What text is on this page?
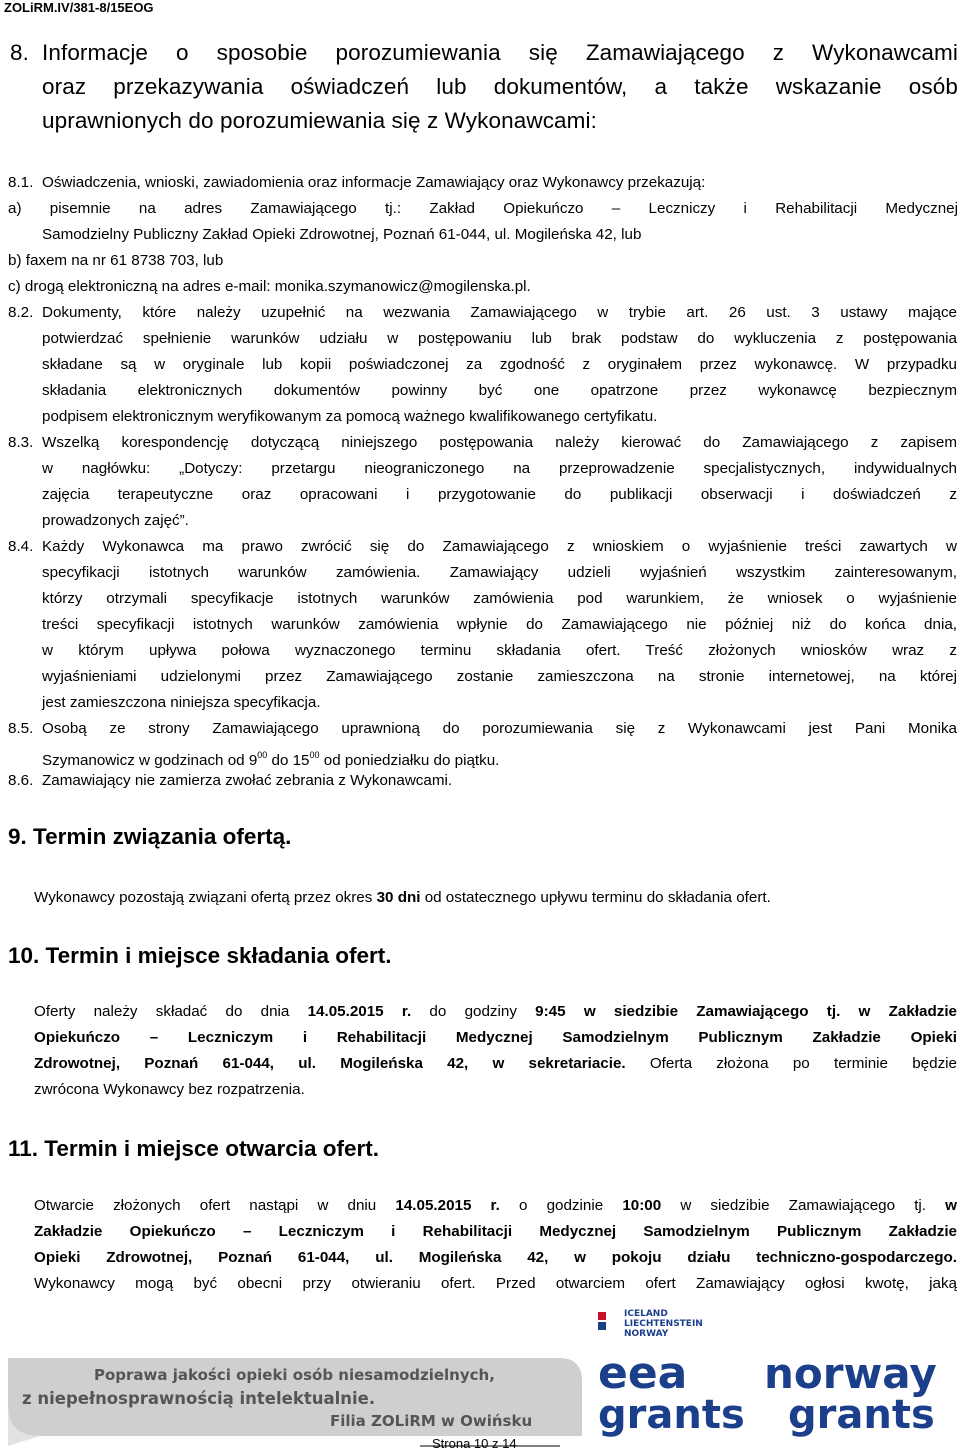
ZOLiRM.IV/381-8/15EOG
8. Informacje o sposobie porozumiewania się Zamawiającego z Wykonawcami
oraz przekazywania oświadczeń lub dokumentów, a także wskazanie osób
uprawnionych do porozumiewania się z Wykonawcami:
8.1. Oświadczenia, wnioski, zawiadomienia oraz informacje Zamawiający oraz Wykonawcy przekazują:
a) pisemnie na adres Zamawiającego tj.: Zakład Opiekuńczo – Leczniczy i Rehabilitacji Medycznej
Samodzielny Publiczny Zakład Opieki Zdrowotnej, Poznań 61-044, ul. Mogileńska 42, lub
b) faxem na nr 61 8738 703, lub
c) drogą elektroniczną na adres e-mail: monika.szymanowicz@mogilenska.pl.
8.2. Dokumenty, które należy uzupełnić na wezwania Zamawiającego w trybie art. 26 ust. 3 ustawy mające
potwierdzać spełnienie warunków udziału w postępowaniu lub brak podstaw do wykluczenia z postępowania
składane są w oryginale lub kopii poświadczonej za zgodność z oryginałem przez wykonawcę. W przypadku
składania elektronicznych dokumentów powinny być one opatrzone przez wykonawcę bezpiecznym
podpisem elektronicznym weryfikowanym za pomocą ważnego kwalifikowanego certyfikatu.
8.3. Wszelką korespondencję dotyczącą niniejszego postępowania należy kierować do Zamawiającego z zapisem
w nagłówku: „Dotyczy: przetargu nieograniczonego na przeprowadzenie specjalistycznych, indywidualnych
zajęcia terapeutyczne oraz opracowani i przygotowanie do publikacji obserwacji i doświadczeń z
prowadzonych zajęć”.
8.4. Każdy Wykonawca ma prawo zwrócić się do Zamawiającego z wnioskiem o wyjaśnienie treści zawartych w
specyfikacji istotnych warunków zamówienia. Zamawiający udzieli wyjaśnień wszystkim zainteresowanym,
którzy otrzymali specyfikacje istotnych warunków zamówienia pod warunkiem, że wniosek o wyjaśnienie
treści specyfikacji istotnych warunków zamówienia wpłynie do Zamawiającego nie później niż do końca dnia,
w którym upływa połowa wyznaczonego terminu składania ofert. Treść złożonych wniosków wraz z
wyjaśnieniami udzielonymi przez Zamawiającego zostanie zamieszczona na stronie internetowej, na której
jest zamieszczona niniejsza specyfikacja.
8.5. Osobą ze strony Zamawiającego uprawnioną do porozumiewania się z Wykonawcami jest Pani Monika
Szymanowicz w godzinach od $9^{00}$ do $15^{00}$ od poniedziałku do piątku.
8.6. Zamawiający nie zamierza zwołać zebrania z Wykonawcami.
9. Termin związania ofertą.
Wykonawcy pozostają związani ofertą przez okres 30 dni od ostatecznego upływu terminu do składania ofert.
10. Termin i miejsce składania ofert.
Oferty należy składać do dnia 14.05.2015 r. do godziny 9:45 w siedzibie Zamawiającego tj. w Zakładzie
Opiekuńczo – Leczniczym i Rehabilitacji Medycznej Samodzielnym Publicznym Zakładzie Opieki
Zdrowotnej, Poznań 61-044, ul. Mogileńska 42, w sekretariacie. Oferta złożona po terminie będzie
zwrócona Wykonawcy bez rozpatrzenia.
11. Termin i miejsce otwarcia ofert.
Otwarcie złożonych ofert nastąpi w dniu 14.05.2015 r. o godzinie 10:00 w siedzibie Zamawiającego tj. w
Zakładzie Opiekuńczo – Leczniczym i Rehabilitacji Medycznej Samodzielnym Publicznym Zakładzie
Opieki Zdrowotnej, Poznań 61-044, ul. Mogileńska 42, w pokoju działu techniczno-gospodarczego.
Wykonawcy mogą być obecni przy otwieraniu ofert. Przed otwarciem ofert Zamawiający ogłosi kwotę, jaką
Poprawa jakości opieki osób niesamodzielnych,
z niepełnosprawnością intelektualnie.
Filia ZOLiRM w Owińsku
ICELAND
LIECHTENSTEIN
NORWAY
eea
grants
norway
grants
Strona 10 z 14
